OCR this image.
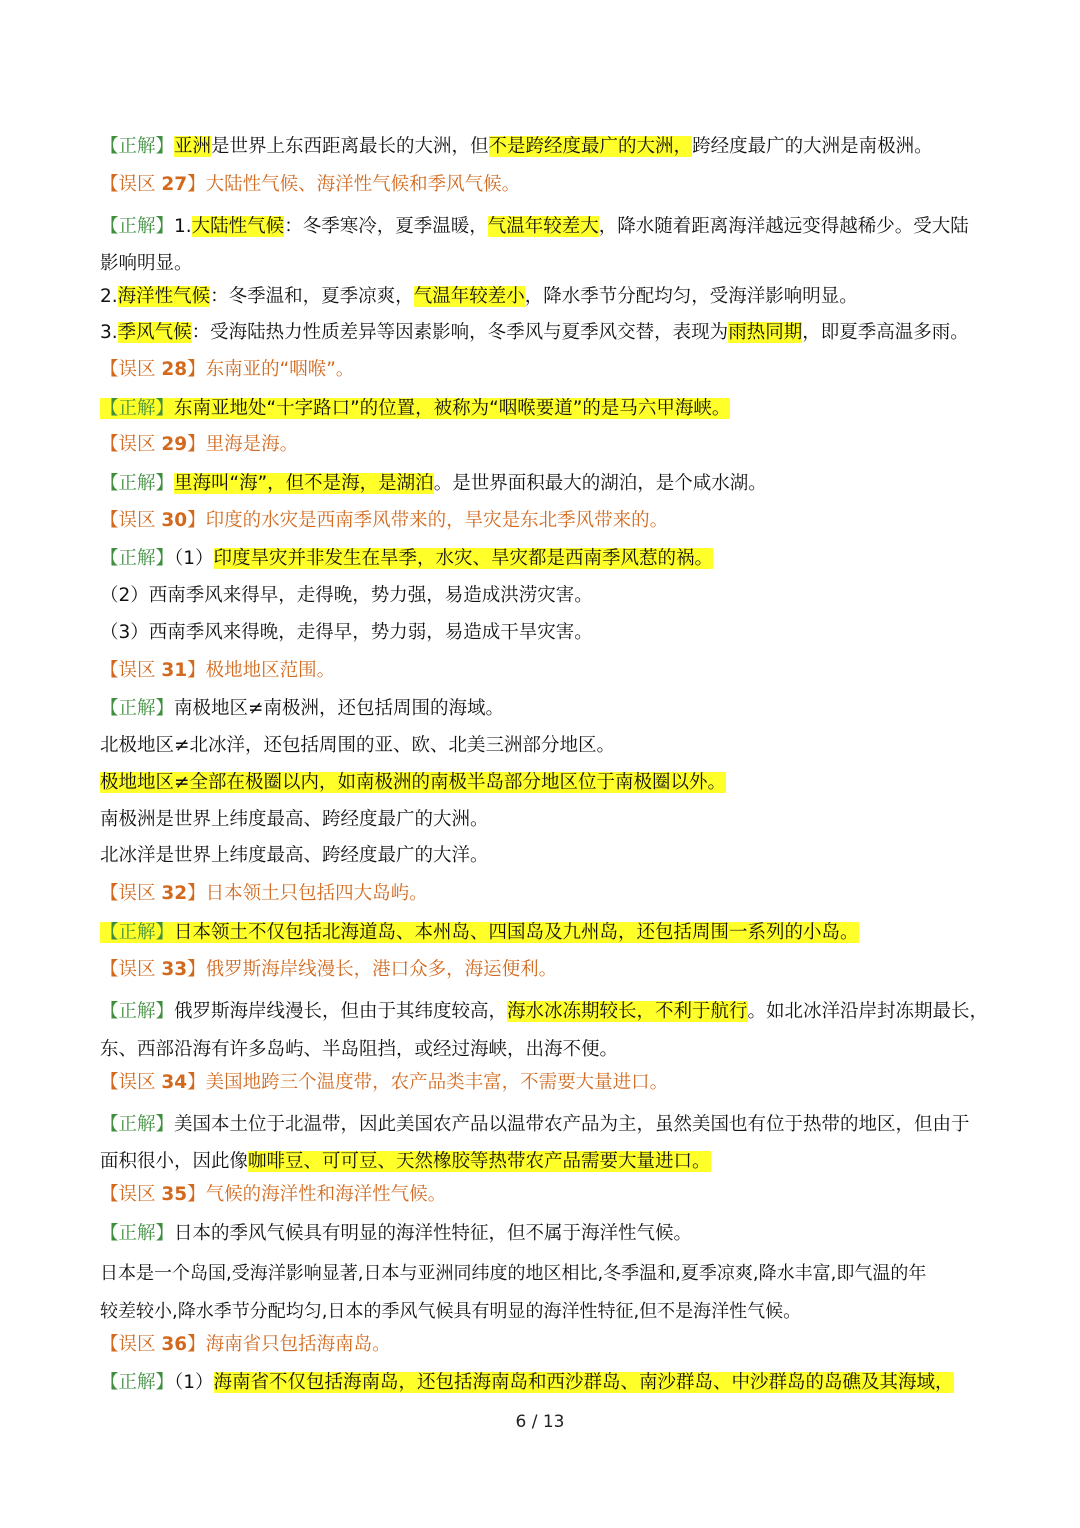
【正解】亚洲是世界上东西距离最长的大洲，但不是跨经度最广的大洲，跨经度最广的大洲是南极洲。
【误区 27】大陆性气候、海洋性气候和季风气候。
【正解】1.大陆性气候：冬季寒冷，夏季温暖，气温年较差大，降水随着距离海洋越远变得越稀少。受大陆
影响明显。
2.海洋性气候：冬季温和，夏季凉爽，气温年较差小，降水季节分配均匀，受海洋影响明显。
3.季风气候：受海陆热力性质差异等因素影响，冬季风与夏季风交替，表现为雨热同期，即夏季高温多雨。
【误区 28】东南亚的“咽喉”。
【正解】东南亚地处“十字路口”的位置，被称为“咽喉要道”的是马六甲海峡。
【误区 29】里海是海。
【正解】里海叫“海”，但不是海，是湖泊。是世界面积最大的湖泊，是个咸水湖。
【误区 30】印度的水灾是西南季风带来的，旱灾是东北季风带来的。
【正解】（1）印度旱灾并非发生在旱季，水灾、旱灾都是西南季风惹的祸。
（2）西南季风来得早，走得晚，势力强，易造成洪涝灾害。
（3）西南季风来得晚，走得早，势力弱，易造成干旱灾害。
【误区 31】极地地区范围。
【正解】南极地区≠南极洲，还包括周围的海域。
北极地区≠北冰洋，还包括周围的亚、欧、北美三洲部分地区。
极地地区≠全部在极圈以内，如南极洲的南极半岛部分地区位于南极圈以外。
南极洲是世界上纬度最高、跨经度最广的大洲。
北冰洋是世界上纬度最高、跨经度最广的大洋。
【误区 32】日本领土只包括四大岛屿。
【正解】日本领土不仅包括北海道岛、本州岛、四国岛及九州岛，还包括周围一系列的小岛。
【误区 33】俄罗斯海岸线漫长，港口众多，海运便利。
【正解】俄罗斯海岸线漫长，但由于其纬度较高，海水冰冻期较长，不利于航行。如北冰洋沿岸封冻期最长，
东、西部沿海有许多岛屿、半岛阻挡，或经过海峡，出海不便。
【误区 34】美国地跨三个温度带，农产品类丰富，不需要大量进口。
【正解】美国本土位于北温带，因此美国农产品以温带农产品为主，虽然美国也有位于热带的地区，但由于
面积很小，因此像咖啡豆、可可豆、天然橡胶等热带农产品需要大量进口。
【误区 35】气候的海洋性和海洋性气候。
【正解】日本的季风气候具有明显的海洋性特征，但不属于海洋性气候。
日本是一个岛国,受海洋影响显著,日本与亚洲同纬度的地区相比,冬季温和,夏季凉爽,降水丰富,即气温的年
较差较小,降水季节分配均匀,日本的季风气候具有明显的海洋性特征,但不是海洋性气候。
【误区 36】海南省只包括海南岛。
【正解】（1）海南省不仅包括海南岛，还包括海南岛和西沙群岛、南沙群岛、中沙群岛的岛礁及其海域，
6 / 13
